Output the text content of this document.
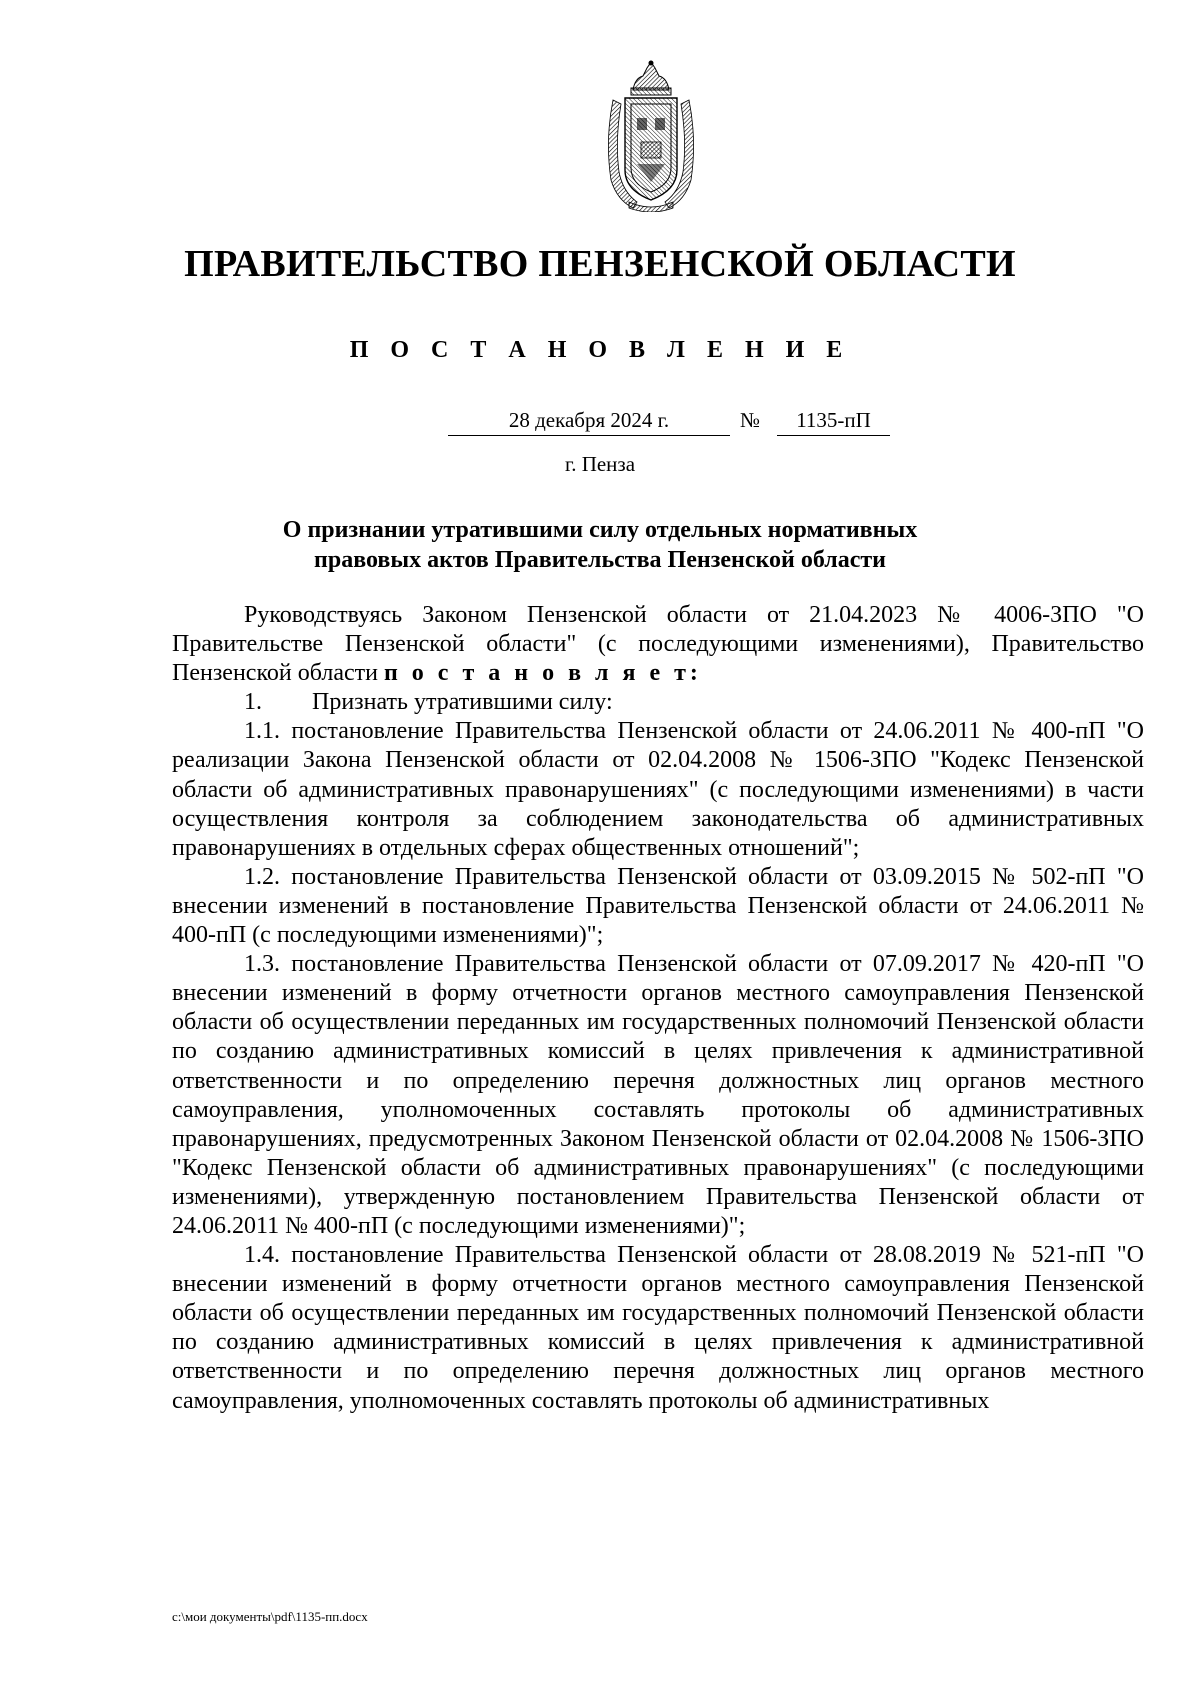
ПРАВИТЕЛЬСТВО ПЕНЗЕНСКОЙ ОБЛАСТИ
П О С Т А Н О В Л Е Н И Е
28 декабря 2024 г.	№	1135-пП
г. Пенза
О признании утратившими силу отдельных нормативных
правовых актов Правительства Пензенской области

Руководствуясь Законом Пензенской области от 21.04.2023 № 4006-ЗПО "О Правительстве Пензенской области" (с последующими изменениями), Правительство Пензенской области п о с т а н о в л я е т:

1. Признать утратившими силу:

1.1. постановление Правительства Пензенской области от 24.06.2011 № 400-пП "О реализации Закона Пензенской области от 02.04.2008 № 1506-ЗПО "Кодекс Пензенской области об административных правонарушениях" (с последующими изменениями) в части осуществления контроля за соблюдением законодательства об административных правонарушениях в отдельных сферах общественных отношений";

1.2. постановление Правительства Пензенской области от 03.09.2015 № 502-пП "О внесении изменений в постановление Правительства Пензенской области от 24.06.2011 № 400-пП (с последующими изменениями)";

1.3. постановление Правительства Пензенской области от 07.09.2017 № 420-пП "О внесении изменений в форму отчетности органов местного самоуправления Пензенской области об осуществлении переданных им государственных полномочий Пензенской области по созданию административных комиссий в целях привлечения к административной ответственности и по определению перечня должностных лиц органов местного самоуправления, уполномоченных составлять протоколы об административных правонарушениях, предусмотренных Законом Пензенской области от 02.04.2008 № 1506-ЗПО "Кодекс Пензенской области об административных правонарушениях" (с последующими изменениями), утвержденную постановлением Правительства Пензенской области от 24.06.2011 № 400-пП (с последующими изменениями)";

1.4. постановление Правительства Пензенской области от 28.08.2019 № 521-пП "О внесении изменений в форму отчетности органов местного самоуправления Пензенской области об осуществлении переданных им государственных полномочий Пензенской области по созданию административных комиссий в целях привлечения к административной ответственности и по определению перечня должностных лиц органов местного самоуправления, уполномоченных составлять протоколы об административных

c:\мои документы\pdf\1135-пп.docx
